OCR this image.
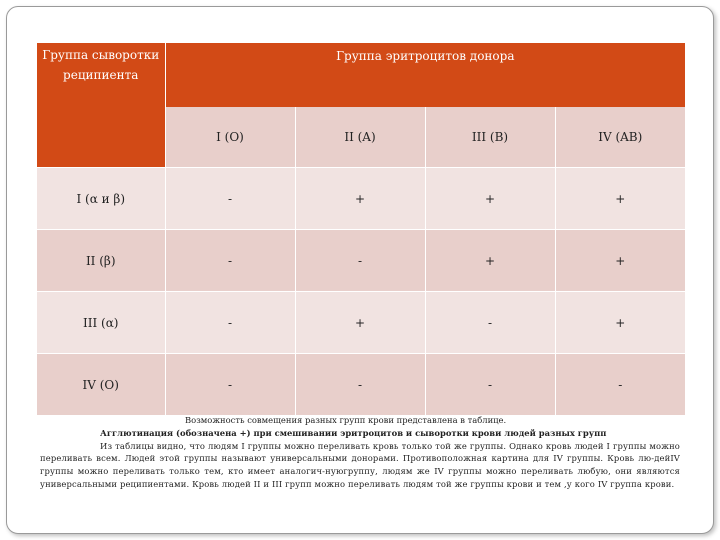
Группа сыворотки реципиента	Группа эритроцитов донора			
	I (O)	II (A)	III (B)	IV (AB)
I (α и β)	-	+	+	+
II (β)	-	-	+	+
III (α)	-	+	-	+
IV (O)	-	-	-	-

Возможность совмещения разных групп крови представлена в таблице.

Агглютинация (обозначена +) при смешивании эритроцитов и сыворотки крови людей разных групп

Из таблицы видно, что людям I группы можно переливать кровь только той же группы. Однако кровь людей I группы можно переливать всем. Людей этой группы называют универсальными донорами. Противоположная картина для IV группы. Кровь лю-дейIV группы можно переливать только тем, кто имеет аналогич-нуюгруппу, людям же IV группы можно переливать любую, они являются универсальными реципиентами. Кровь людей II и III групп можно переливать людям той же группы крови и тем ,у кого IV группа крови.
